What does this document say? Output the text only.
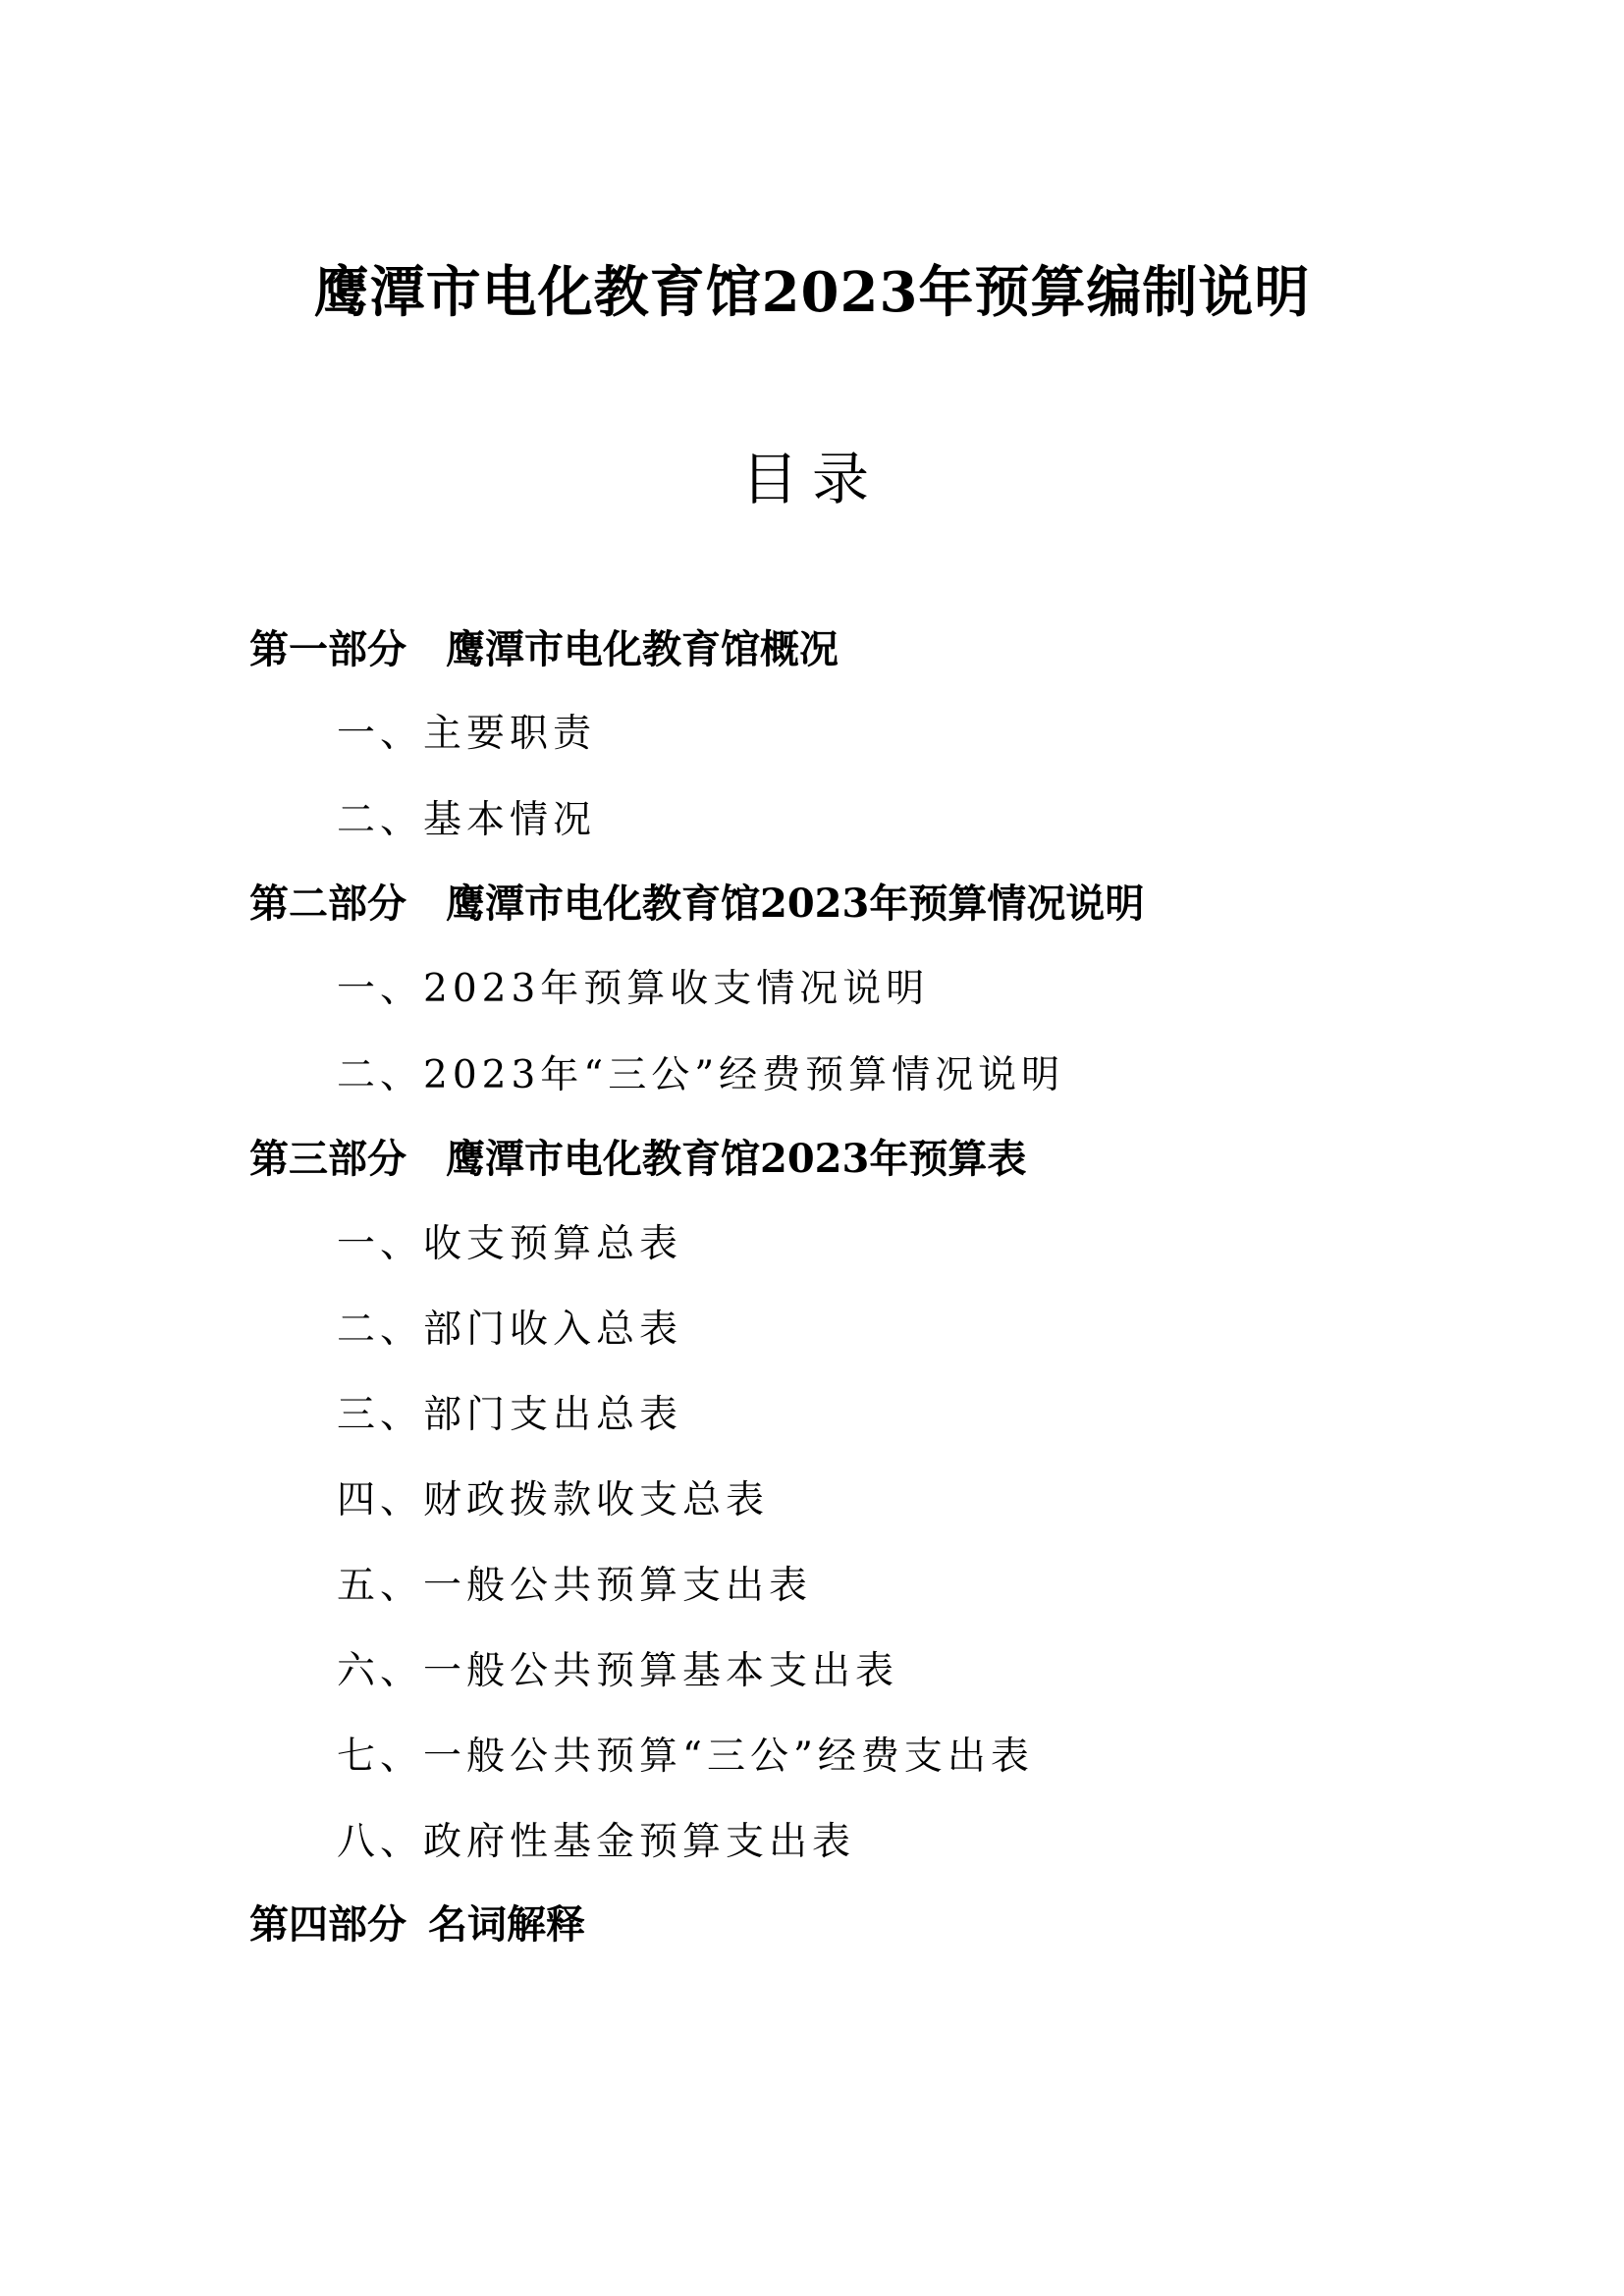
鹰潭市电化教育馆2023年预算编制说明
目录
第一部分 鹰潭市电化教育馆概况
一、主要职责
二、基本情况
第二部分 鹰潭市电化教育馆2023年预算情况说明
一、2023年预算收支情况说明
二、2023年“三公”经费预算情况说明
第三部分 鹰潭市电化教育馆2023年预算表
一、收支预算总表
二、部门收入总表
三、部门支出总表
四、财政拨款收支总表
五、一般公共预算支出表
六、一般公共预算基本支出表
七、一般公共预算“三公”经费支出表
八、政府性基金预算支出表
第四部分 名词解释
